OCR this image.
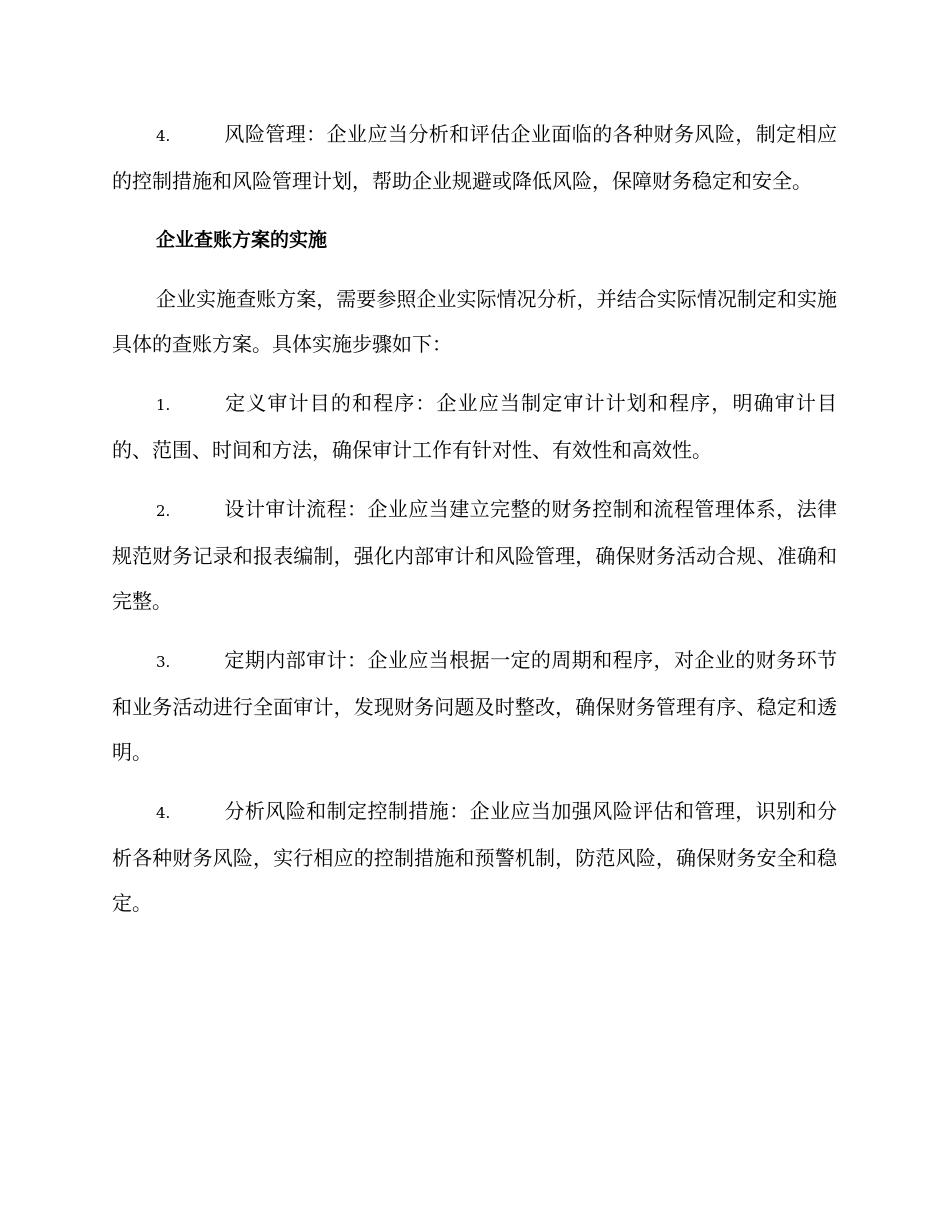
4.	风险管理：企业应当分析和评估企业面临的各种财务风险，制定相应的控制措施和风险管理计划，帮助企业规避或降低风险，保障财务稳定和安全。

企业查账方案的实施

企业实施查账方案，需要参照企业实际情况分析，并结合实际情况制定和实施具体的查账方案。具体实施步骤如下：

1.	定义审计目的和程序：企业应当制定审计计划和程序，明确审计目的、范围、时间和方法，确保审计工作有针对性、有效性和高效性。

2.	设计审计流程：企业应当建立完整的财务控制和流程管理体系，法律规范财务记录和报表编制，强化内部审计和风险管理，确保财务活动合规、准确和完整。

3.	定期内部审计：企业应当根据一定的周期和程序，对企业的财务环节和业务活动进行全面审计，发现财务问题及时整改，确保财务管理有序、稳定和透明。

4.	分析风险和制定控制措施：企业应当加强风险评估和管理，识别和分析各种财务风险，实行相应的控制措施和预警机制，防范风险，确保财务安全和稳定。
